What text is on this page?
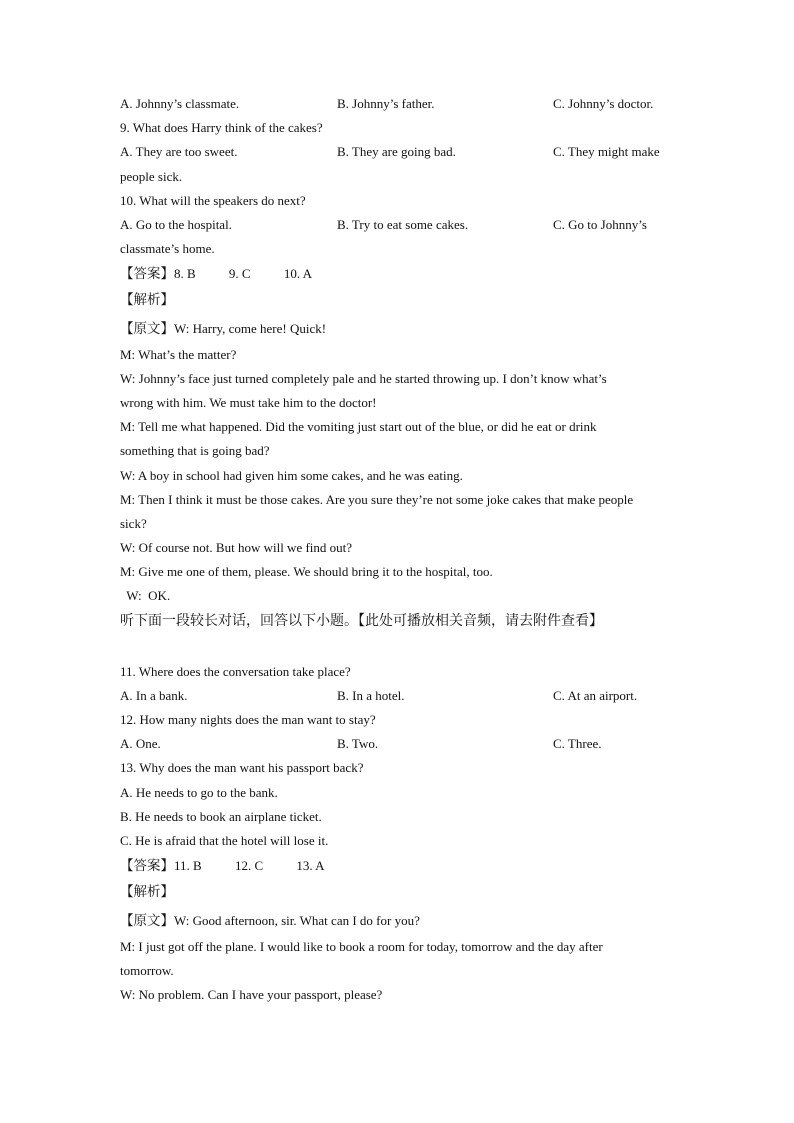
A. Johnny’s classmate.	B. Johnny’s father.	C. Johnny’s doctor.
9. What does Harry think of the cakes?
A. They are too sweet.	B. They are going bad.	C. They might make
people sick.
10. What will the speakers do next?
A. Go to the hospital.	B. Try to eat some cakes.	C. Go to Johnny’s
classmate’s home.
【答案】8. B	9. C	10. A
【解析】
【原文】W: Harry, come here! Quick!
M: What’s the matter?
W: Johnny’s face just turned completely pale and he started throwing up. I don’t know what’s
wrong with him. We must take him to the doctor!
M: Tell me what happened. Did the vomiting just start out of the blue, or did he eat or drink
something that is going bad?
W: A boy in school had given him some cakes, and he was eating.
M: Then I think it must be those cakes. Are you sure they’re not some joke cakes that make people
sick?
W: Of course not. But how will we find out?
M: Give me one of them, please. We should bring it to the hospital, too.
W:  OK.
听下面一段较长对话，回答以下小题。【此处可播放相关音频，请去附件查看】
11. Where does the conversation take place?
A. In a bank.	B. In a hotel.	C. At an airport.
12. How many nights does the man want to stay?
A. One.	B. Two.	C. Three.
13. Why does the man want his passport back?
A. He needs to go to the bank.
B. He needs to book an airplane ticket.
C. He is afraid that the hotel will lose it.
【答案】11. B	12. C	13. A
【解析】
【原文】W: Good afternoon, sir. What can I do for you?
M: I just got off the plane. I would like to book a room for today, tomorrow and the day after
tomorrow.
W: No problem. Can I have your passport, please?
